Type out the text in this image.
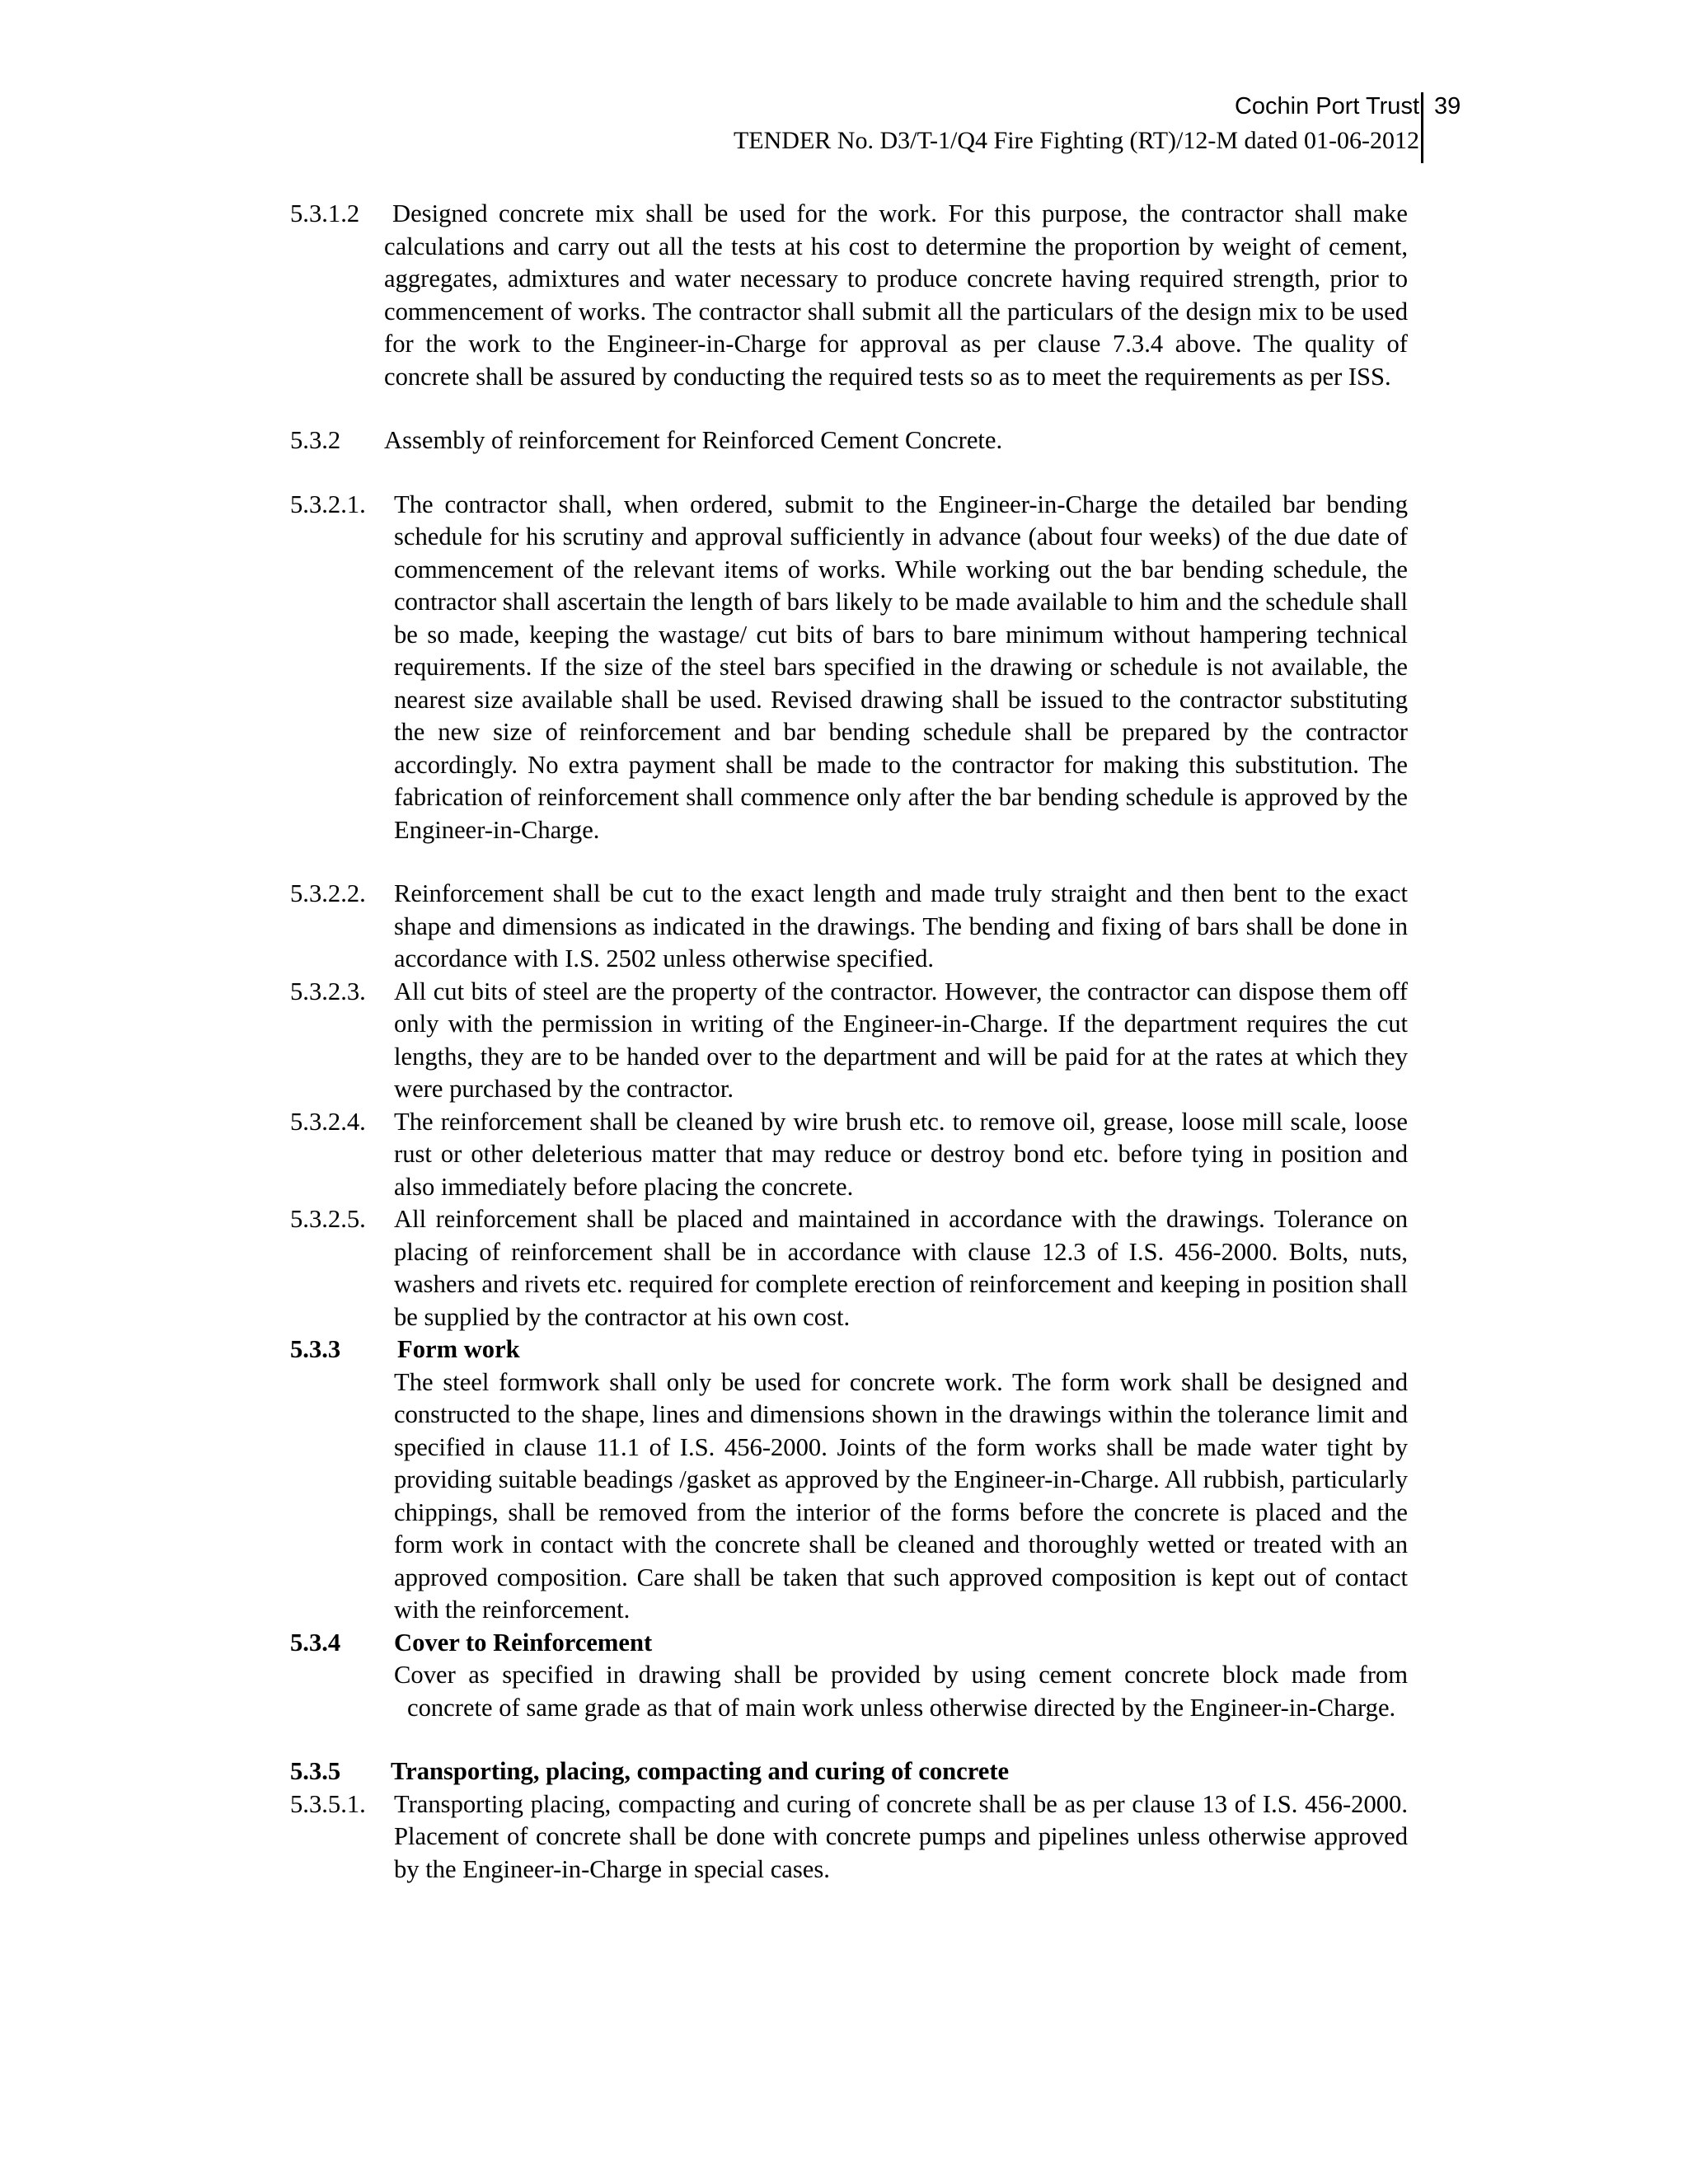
Cochin Port Trust
TENDER No. D3/T-1/Q4 Fire Fighting (RT)/12-M dated 01-06-2012
39
5.3.1.2	Designed concrete mix shall be used for the work. For this purpose, the contractor shall make calculations and carry out all the tests at his cost to determine the proportion by weight of cement, aggregates, admixtures and water necessary to produce concrete having required strength, prior to commencement of works. The contractor shall submit all the particulars of the design mix to be used for the work to the Engineer-in-Charge for approval as per clause 7.3.4 above. The quality of concrete shall be assured by conducting the required tests so as to meet the requirements as per ISS.
5.3.2 Assembly of reinforcement for Reinforced Cement Concrete.
5.3.2.1.	The contractor shall, when ordered, submit to the Engineer-in-Charge the detailed bar bending schedule for his scrutiny and approval sufficiently in advance (about four weeks) of the due date of commencement of the relevant items of works. While working out the bar bending schedule, the contractor shall ascertain the length of bars likely to be made available to him and the schedule shall be so made, keeping the wastage/ cut bits of bars to bare minimum without hampering technical requirements. If the size of the steel bars specified in the drawing or schedule is not available, the nearest size available shall be used. Revised drawing shall be issued to the contractor substituting the new size of reinforcement and bar bending schedule shall be prepared by the contractor accordingly. No extra payment shall be made to the contractor for making this substitution. The fabrication of reinforcement shall commence only after the bar bending schedule is approved by the Engineer-in-Charge.
5.3.2.2.	Reinforcement shall be cut to the exact length and made truly straight and then bent to the exact shape and dimensions as indicated in the drawings. The bending and fixing of bars shall be done in accordance with I.S. 2502 unless otherwise specified.
5.3.2.3.	All cut bits of steel are the property of the contractor. However, the contractor can dispose them off only with the permission in writing of the Engineer-in-Charge. If the department requires the cut lengths, they are to be handed over to the department and will be paid for at the rates at which they were purchased by the contractor.
5.3.2.4.	The reinforcement shall be cleaned by wire brush etc. to remove oil, grease, loose mill scale, loose rust or other deleterious matter that may reduce or destroy bond etc. before tying in position and also immediately before placing the concrete.
5.3.2.5.	All reinforcement shall be placed and maintained in accordance with the drawings. Tolerance on placing of reinforcement shall be in accordance with clause 12.3 of I.S. 456-2000. Bolts, nuts, washers and rivets etc. required for complete erection of reinforcement and keeping in position shall be supplied by the contractor at his own cost.
5.3.3 Form work
The steel formwork shall only be used for concrete work. The form work shall be designed and constructed to the shape, lines and dimensions shown in the drawings within the tolerance limit and specified in clause 11.1 of I.S. 456-2000. Joints of the form works shall be made water tight by providing suitable beadings /gasket as approved by the Engineer-in-Charge. All rubbish, particularly chippings, shall be removed from the interior of the forms before the concrete is placed and the form work in contact with the concrete shall be cleaned and thoroughly wetted or treated with an approved composition. Care shall be taken that such approved composition is kept out of contact with the reinforcement.
5.3.4 Cover to Reinforcement
Cover as specified in drawing shall be provided by using cement concrete block made from concrete of same grade as that of main work unless otherwise directed by the Engineer-in-Charge.
5.3.5 Transporting, placing, compacting and curing of concrete
5.3.5.1.	Transporting placing, compacting and curing of concrete shall be as per clause 13 of I.S. 456-2000. Placement of concrete shall be done with concrete pumps and pipelines unless otherwise approved by the Engineer-in-Charge in special cases.
